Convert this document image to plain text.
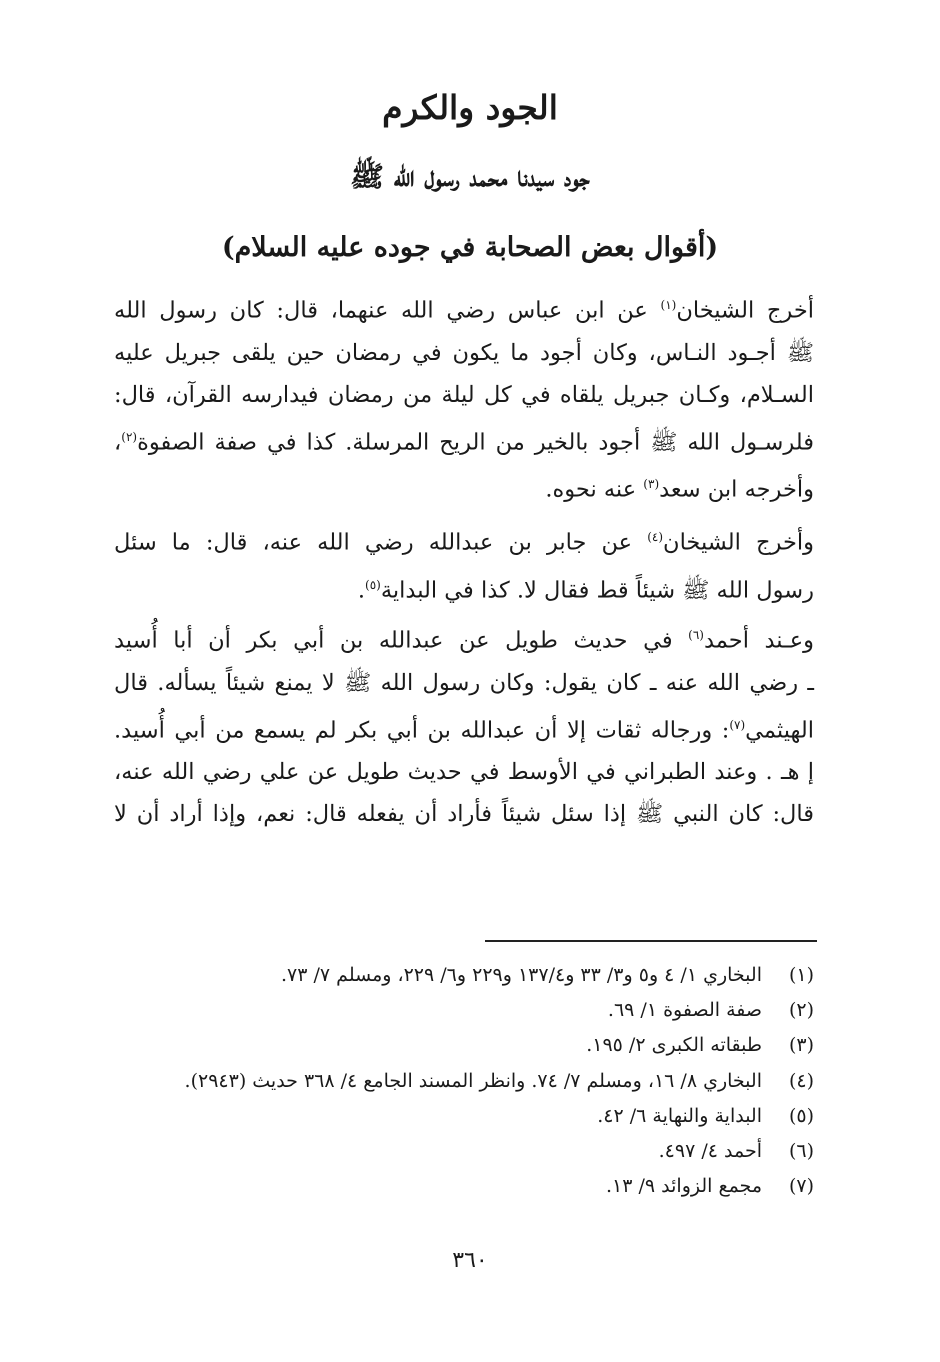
الجود والكرم
جود سيدنا محمد رسول الله ﷺ
(أقوال بعض الصحابة في جوده عليه السلام)
أخرج الشيخان$^{(١)}$ عن ابن عباس رضي الله عنهما، قال: كان رسول الله
ﷺ أجـود النـاس، وكان أجود ما يكون في رمضان حين يلقى جبريل عليه
السـلام، وكـان جبريل يلقاه في كل ليلة من رمضان فيدارسه القرآن، قال:
فلرسـول الله ﷺ أجود بالخير من الريح المرسلة. كذا في صفة الصفوة$^{(٢)}$،
وأخرجه ابن سعد$^{(٣)}$ عنه نحوه.
وأخرج الشيخان$^{(٤)}$ عن جابر بن عبدالله رضي الله عنه، قال: ما سئل
رسول الله ﷺ شيئاً قط فقال لا. كذا في البداية$^{(٥)}$.
وعـند أحمد$^{(٦)}$ في حديث طويل عن عبدالله بن أبي بكر أن أبا أُسيد
ـ رضي الله عنه ـ كان يقول: وكان رسول الله ﷺ لا يمنع شيئاً يسأله. قال
الهيثمي$^{(٧)}$: ورجاله ثقات إلا أن عبدالله بن أبي بكر لم يسمع من أبي أُسيد.
إ هـ . وعند الطبراني في الأوسط في حديث طويل عن علي رضي الله عنه،
قال: كان النبي ﷺ إذا سئل شيئاً فأراد أن يفعله قال: نعم، وإذا أراد أن لا
(١)
البخاري ١/ ٤ و٥ و٣/ ٣٣ و١٣٧/٤ و٢٢٩ و٦/ ٢٢٩، ومسلم ٧/ ٧٣.
(٢)
صفة الصفوة ١/ ٦٩.
(٣)
طبقاته الكبرى ٢/ ١٩٥.
(٤)
البخاري ٨/ ١٦، ومسلم ٧/ ٧٤. وانظر المسند الجامع ٤/ ٣٦٨ حديث (٢٩٤٣).
(٥)
البداية والنهاية ٦/ ٤٢.
(٦)
أحمد ٤/ ٤٩٧.
(٧)
مجمع الزوائد ٩/ ١٣.

٣٦٠
